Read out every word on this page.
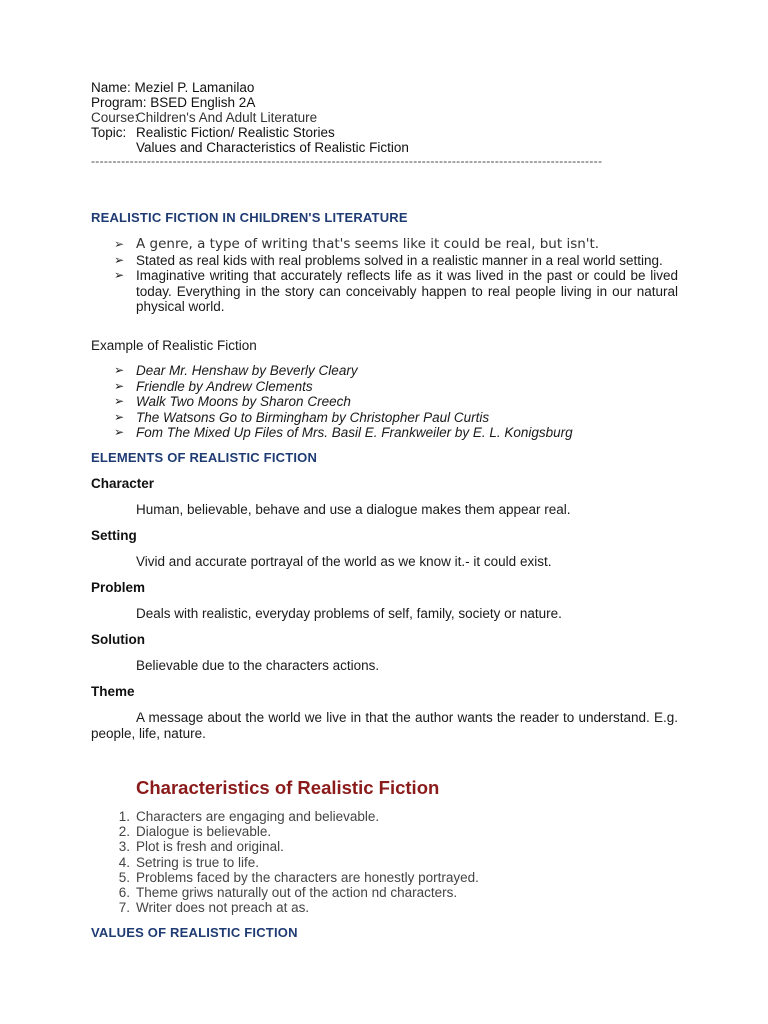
Name: Meziel P. Lamanilao
Program: BSED English 2A
Course:Children's And Adult Literature
Topic: Realistic Fiction/ Realistic Stories
Values and Characteristics of Realistic Fiction
-----------------------------------------------------------------------------------------------------------------------
REALISTIC FICTION IN CHILDREN'S LITERATURE
➢ A genre, a type of writing that's seems like it could be real, but isn't.
➢ Stated as real kids with real problems solved in a realistic manner in a real world setting.
➢ Imaginative writing that accurately reflects life as it was lived in the past or could be lived today. Everything in the story can conceivably happen to real people living in our natural physical world.
Example of Realistic Fiction
➢ Dear Mr. Henshaw by Beverly Cleary
➢ Friendle by Andrew Clements
➢ Walk Two Moons by Sharon Creech
➢ The Watsons Go to Birmingham by Christopher Paul Curtis
➢ Fom The Mixed Up Files of Mrs. Basil E. Frankweiler by E. L. Konigsburg
ELEMENTS OF REALISTIC FICTION
Character
Human, believable, behave and use a dialogue makes them appear real.
Setting
Vivid and accurate portrayal of the world as we know it.- it could exist.
Problem
Deals with realistic, everyday problems of self, family, society or nature.
Solution
Believable due to the characters actions.
Theme
A message about the world we live in that the author wants the reader to understand. E.g. people, life, nature.
Characteristics of Realistic Fiction
1. Characters are engaging and believable.
2. Dialogue is believable.
3. Plot is fresh and original.
4. Setring is true to life.
5. Problems faced by the characters are honestly portrayed.
6. Theme griws naturally out of the action nd characters.
7. Writer does not preach at as.
VALUES OF REALISTIC FICTION
